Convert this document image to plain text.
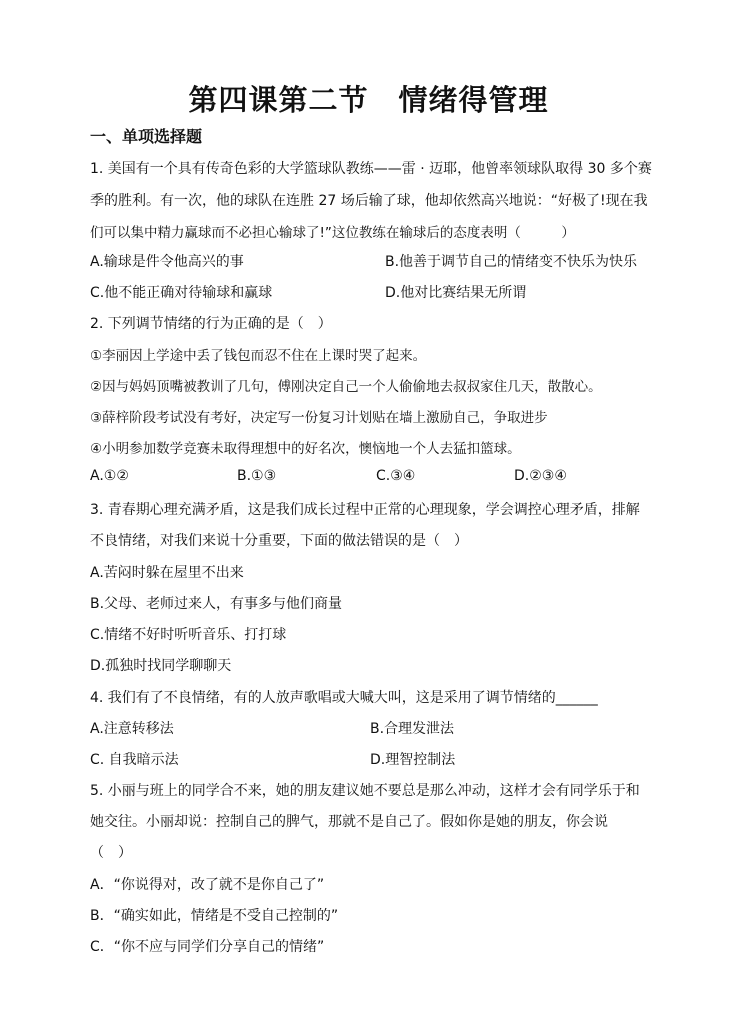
第四课第二节　情绪得管理
一、单项选择题
1. 美国有一个具有传奇色彩的大学篮球队教练——雷 · 迈耶，他曾率领球队取得 30 多个赛
季的胜利。有一次，他的球队在连胜 27 场后输了球，他却依然高兴地说：“好极了!现在我
们可以集中精力赢球而不必担心输球了!”这位教练在输球后的态度表明（　　　）
A.输球是件令他高兴的事	B.他善于调节自己的情绪变不快乐为快乐
C.他不能正确对待输球和赢球	D.他对比赛结果无所谓
2. 下列调节情绪的行为正确的是（　）
①李丽因上学途中丢了钱包而忍不住在上课时哭了起来。
②因与妈妈顶嘴被教训了几句，傅刚决定自己一个人偷偷地去叔叔家住几天，散散心。
③薛梓阶段考试没有考好，决定写一份复习计划贴在墙上激励自己，争取进步
④小明参加数学竞赛未取得理想中的好名次，懊恼地一个人去猛扣篮球。
A.①②	B.①③	C.③④	D.②③④
3. 青春期心理充满矛盾，这是我们成长过程中正常的心理现象，学会调控心理矛盾，排解
不良情绪，对我们来说十分重要，下面的做法错误的是（　）
A.苦闷时躲在屋里不出来
B.父母、老师过来人，有事多与他们商量
C.情绪不好时听听音乐、打打球
D.孤独时找同学聊聊天
4. 我们有了不良情绪，有的人放声歌唱或大喊大叫，这是采用了调节情绪的______
A.注意转移法	B.合理发泄法
C. 自我暗示法	D.理智控制法
5. 小丽与班上的同学合不来，她的朋友建议她不要总是那么冲动，这样才会有同学乐于和
她交往。小丽却说：控制自己的脾气，那就不是自己了。假如你是她的朋友，你会说
（　）
A．“你说得对，改了就不是你自己了”
B．“确实如此，情绪是不受自己控制的”
C．“你不应与同学们分享自己的情绪”
